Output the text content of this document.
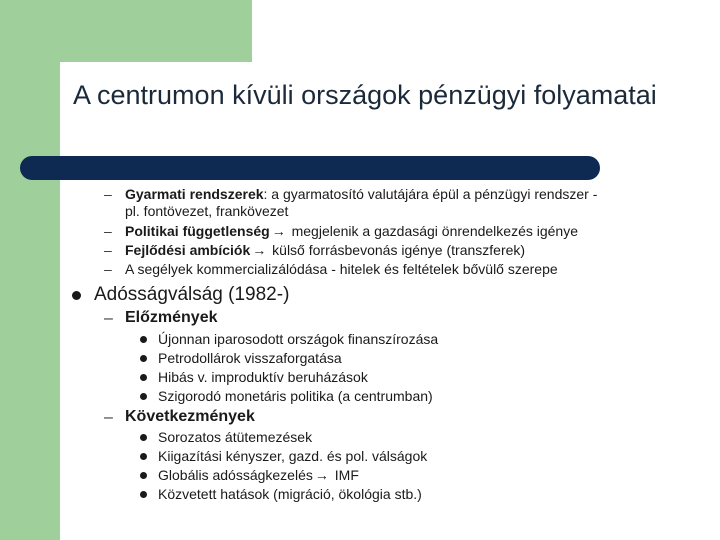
A centrumon kívüli országok pénzügyi folyamatai
– Gyarmati rendszerek: a gyarmatosító valutájára épül a pénzügyi rendszer -
pl. fontövezet, frankövezet
– Politikai függetlenség → megjelenik a gazdasági önrendelkezés igénye
– Fejlődési ambíciók → külső forrásbevonás igénye (transzferek)
– A segélyek kommercializálódása - hitelek és feltételek bővülő szerepe
Adósságválság (1982-)
– Előzmények
Újonnan iparosodott országok finanszírozása
Petrodollárok visszaforgatása
Hibás v. improduktív beruházások
Szigorodó monetáris politika (a centrumban)
– Következmények
Sorozatos átütemezések
Kiigazítási kényszer, gazd. és pol. válságok
Globális adósságkezelés → IMF
Közvetett hatások (migráció, ökológia stb.)
